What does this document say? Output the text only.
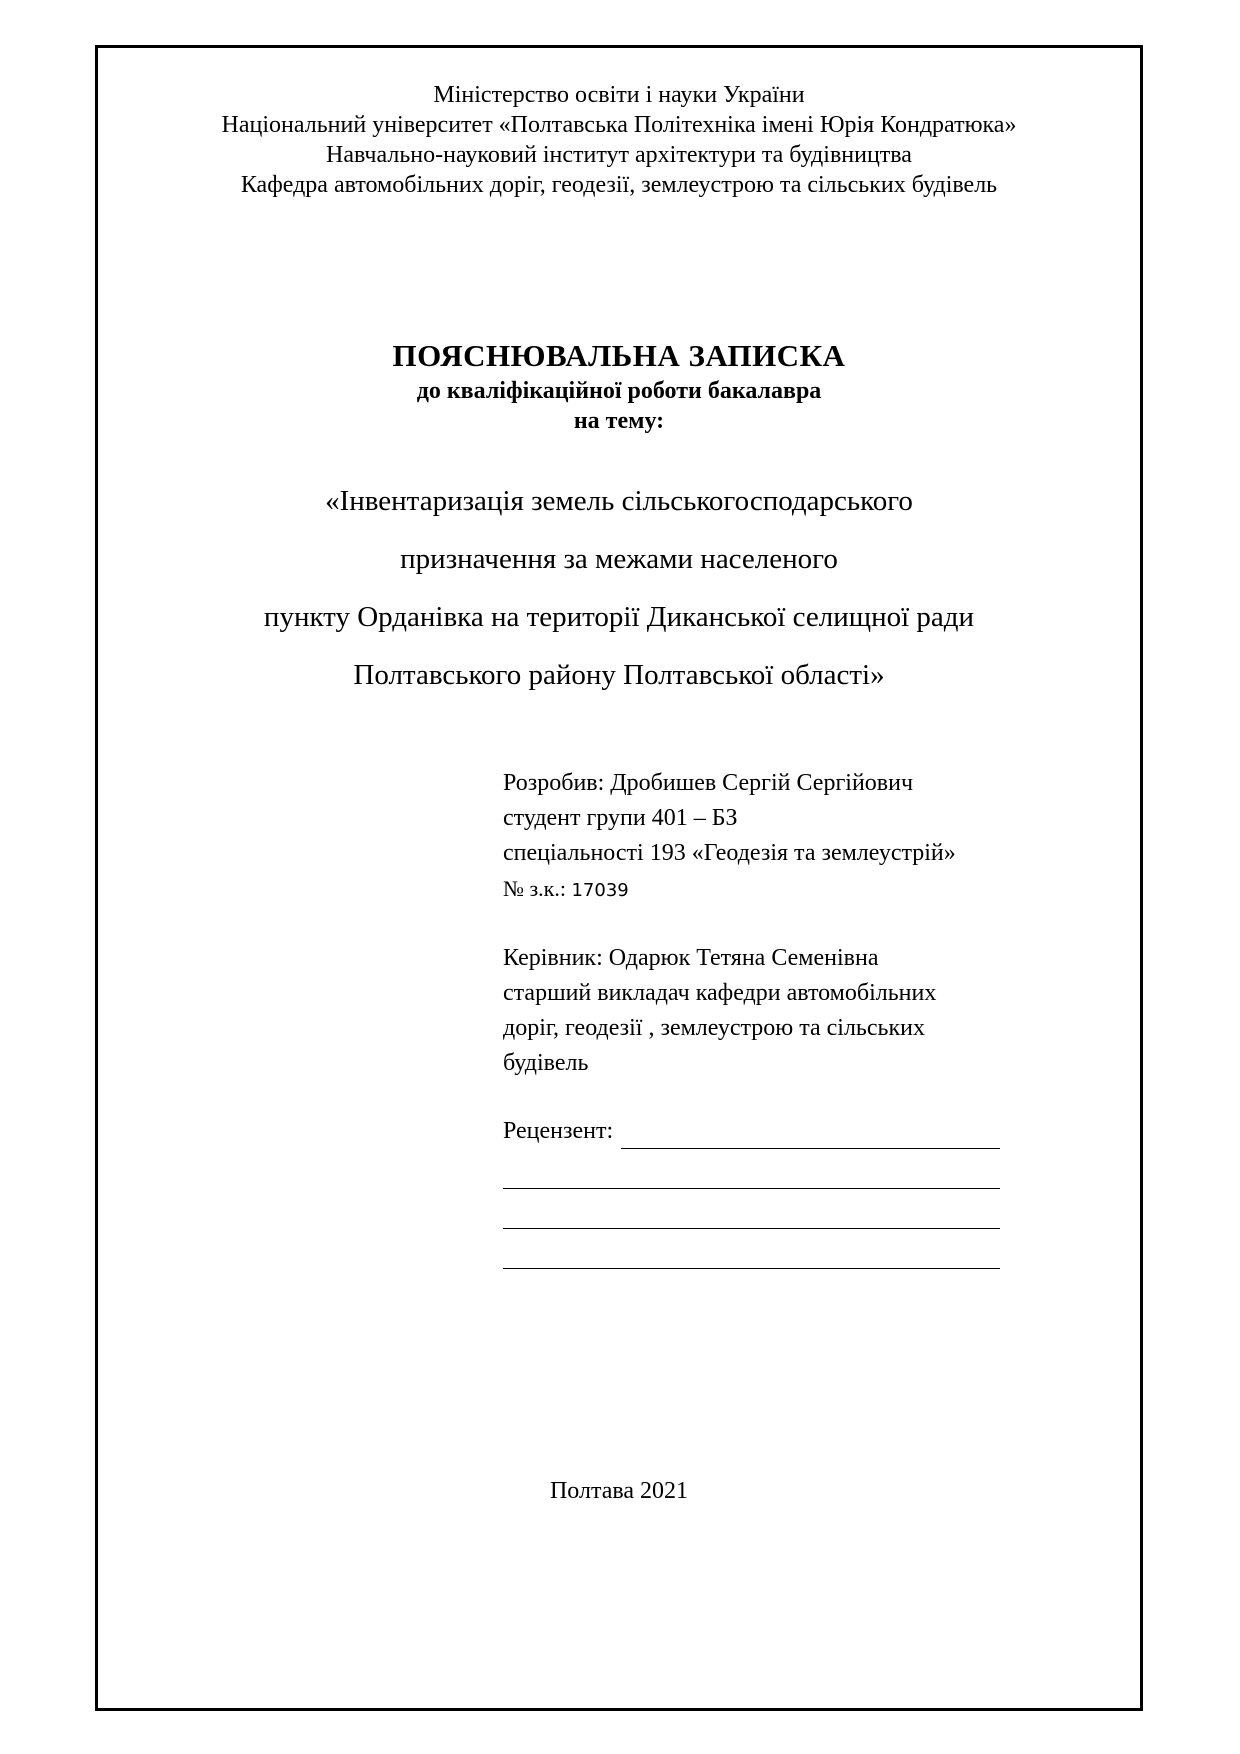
Міністерство освіти і науки України
Національний університет «Полтавська Політехніка імені Юрія Кондратюка»
Навчально-науковий інститут архітектури та будівництва
Кафедра автомобільних доріг, геодезії, землеустрою та сільських будівель
ПОЯСНЮВАЛЬНА ЗАПИСКА
до кваліфікаційної роботи бакалавра
на тему:
«Інвентаризація земель сільськогосподарського
призначення за межами населеного
пункту Орданівка на території Диканської селищної ради
Полтавського району Полтавської області»
Розробив: Дробишев Сергій Сергійович
студент групи 401 – БЗ
спеціальності 193 «Геодезія та землеустрій»
№ з.к.: 17039
Керівник: Одарюк Тетяна Семенівна
старший викладач кафедри автомобільних
доріг, геодезії , землеустрою та сільських
будівель
Рецензент:
Полтава 2021
